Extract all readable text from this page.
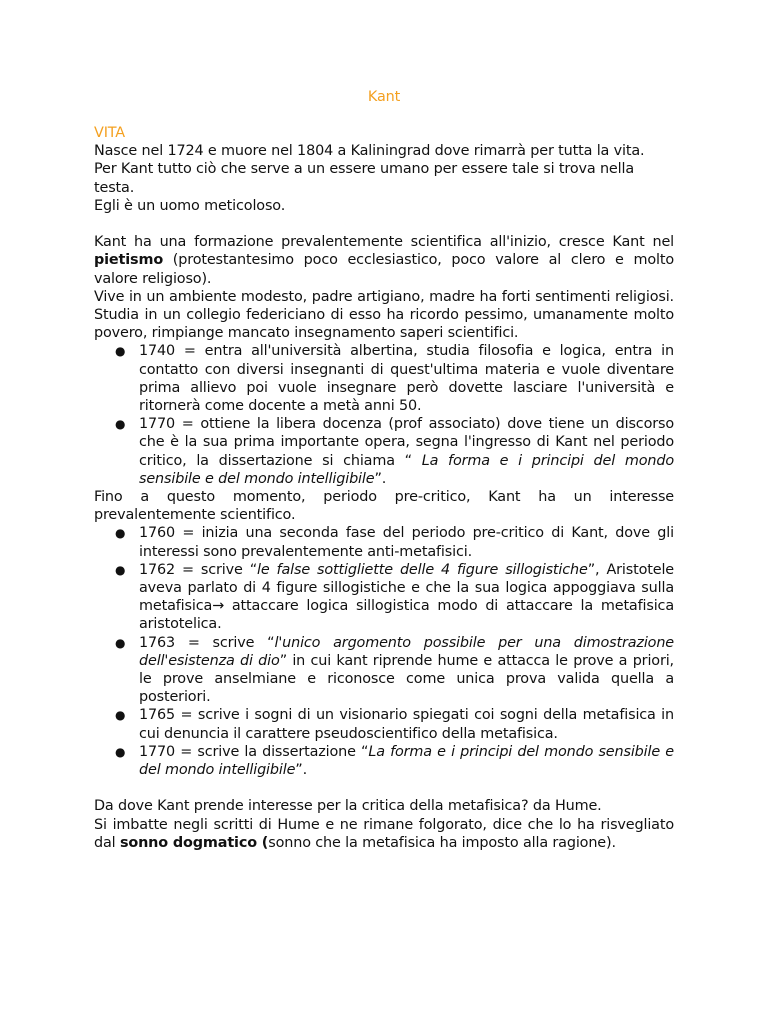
Kant

VITA

Nasce nel 1724 e muore nel 1804 a Kaliningrad dove rimarrà per tutta la vita.

Per Kant tutto ciò che serve a un essere umano per essere tale si trova nella testa.

Egli è un uomo meticoloso.

Kant ha una formazione prevalentemente scientifica all'inizio, cresce Kant nel pietismo (protestantesimo poco ecclesiastico, poco valore al clero e molto valore religioso).

Vive in un ambiente modesto, padre artigiano, madre ha forti sentimenti religiosi. Studia in un collegio federiciano di esso ha ricordo pessimo, umanamente molto povero, rimpiange mancato insegnamento saperi scientifici.

● 1740 = entra all'università albertina, studia filosofia e logica, entra in contatto con diversi insegnanti di quest'ultima materia e vuole diventare prima allievo poi vuole insegnare però dovette lasciare l'università e ritornerà come docente a metà anni 50.
● 1770 = ottiene la libera docenza (prof associato) dove tiene un discorso che è la sua prima importante opera, segna l'ingresso di Kant nel periodo critico, la dissertazione si chiama “ La forma e i principi del mondo sensibile e del mondo intelligibile”.

Fino a questo momento, periodo pre-critico, Kant ha un interesse prevalentemente scientifico.

● 1760 = inizia una seconda fase del periodo pre-critico di Kant, dove gli interessi sono prevalentemente anti-metafisici.
● 1762 = scrive “le false sottigliette delle 4 figure sillogistiche”, Aristotele aveva parlato di 4 figure sillogistiche e che la sua logica appoggiava sulla metafisica→ attaccare logica sillogistica modo di attaccare la metafisica aristotelica.
● 1763 = scrive “l'unico argomento possibile per una dimostrazione dell'esistenza di dio” in cui kant riprende hume e attacca le prove a priori, le prove anselmiane e riconosce come unica prova valida quella a posteriori.
● 1765 = scrive i sogni di un visionario spiegati coi sogni della metafisica in cui denuncia il carattere pseudoscientifico della metafisica.
● 1770 = scrive la dissertazione “La forma e i principi del mondo sensibile e del mondo intelligibile”.

Da dove Kant prende interesse per la critica della metafisica? da Hume.

Si imbatte negli scritti di Hume e ne rimane folgorato, dice che lo ha risvegliato dal sonno dogmatico (sonno che la metafisica ha imposto alla ragione).
